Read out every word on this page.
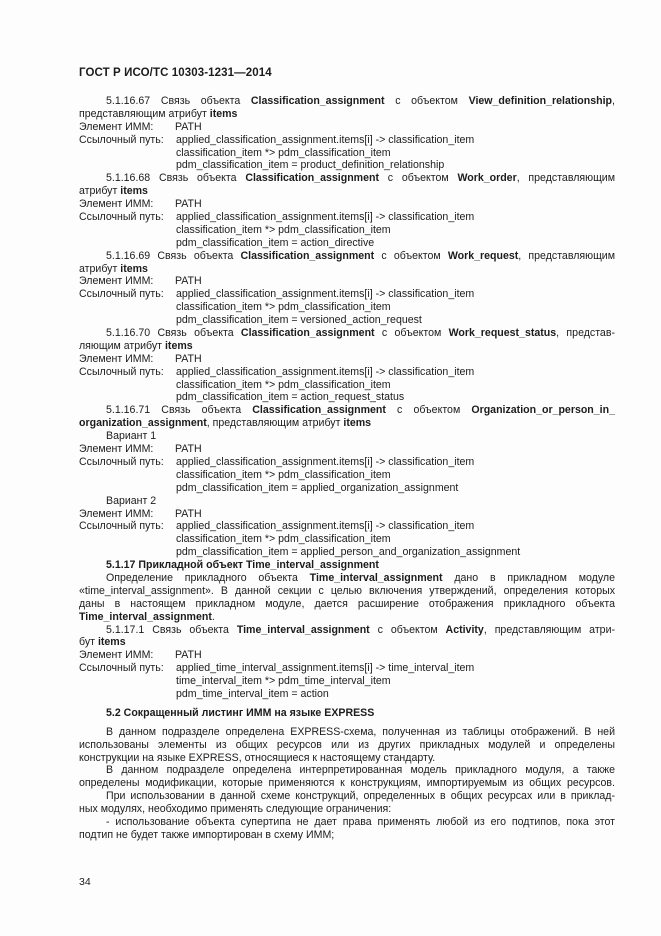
ГОСТ Р ИСО/ТС 10303-1231—2014
5.1.16.67 Связь объекта Classification_assignment с объектом View_definition_relationship,
представляющим атрибут items
Элемент ИММ: PATH
Ссылочный путь: applied_classification_assignment.items[i] -> classification_item
classification_item *> pdm_classification_item
pdm_classification_item = product_definition_relationship
5.1.16.68 Связь объекта Classification_assignment с объектом Work_order, представляющим
атрибут items
Элемент ИММ: PATH
Ссылочный путь: applied_classification_assignment.items[i] -> classification_item
classification_item *> pdm_classification_item
pdm_classification_item = action_directive
5.1.16.69 Связь объекта Classification_assignment с объектом Work_request, представляющим
атрибут items
Элемент ИММ: PATH
Ссылочный путь: applied_classification_assignment.items[i] -> classification_item
classification_item *> pdm_classification_item
pdm_classification_item = versioned_action_request
5.1.16.70 Связь объекта Classification_assignment с объектом Work_request_status, представ-
ляющим атрибут items
Элемент ИММ: PATH
Ссылочный путь: applied_classification_assignment.items[i] -> classification_item
classification_item *> pdm_classification_item
pdm_classification_item = action_request_status
5.1.16.71 Связь объекта Classification_assignment с объектом Organization_or_person_in_
organization_assignment, представляющим атрибут items
Вариант 1
Элемент ИММ: PATH
Ссылочный путь: applied_classification_assignment.items[i] -> classification_item
classification_item *> pdm_classification_item
pdm_classification_item = applied_organization_assignment
Вариант 2
Элемент ИММ: PATH
Ссылочный путь: applied_classification_assignment.items[i] -> classification_item
classification_item *> pdm_classification_item
pdm_classification_item = applied_person_and_organization_assignment
5.1.17 Прикладной объект Time_interval_assignment
Определение прикладного объекта Time_interval_assignment дано в прикладном модуле
«time_interval_assignment». В данной секции с целью включения утверждений, определения которых
даны в настоящем прикладном модуле, дается расширение отображения прикладного объекта
Time_interval_assignment.
5.1.17.1 Связь объекта Time_interval_assignment с объектом Activity, представляющим атри-
бут items
Элемент ИММ: PATH
Ссылочный путь: applied_time_interval_assignment.items[i] -> time_interval_item
time_interval_item *> pdm_time_interval_item
pdm_time_interval_item = action
5.2 Сокращенный листинг ИММ на языке EXPRESS
В данном подразделе определена EXPRESS-схема, полученная из таблицы отображений. В ней
использованы элементы из общих ресурсов или из других прикладных модулей и определены
конструкции на языке EXPRESS, относящиеся к настоящему стандарту.
В данном подразделе определена интерпретированная модель прикладного модуля, а также
определены модификации, которые применяются к конструкциям, импортируемым из общих ресурсов.
При использовании в данной схеме конструкций, определенных в общих ресурсах или в приклад-
ных модулях, необходимо применять следующие ограничения:
- использование объекта супертипа не дает права применять любой из его подтипов, пока этот
подтип не будет также импортирован в схему ИММ;
34
